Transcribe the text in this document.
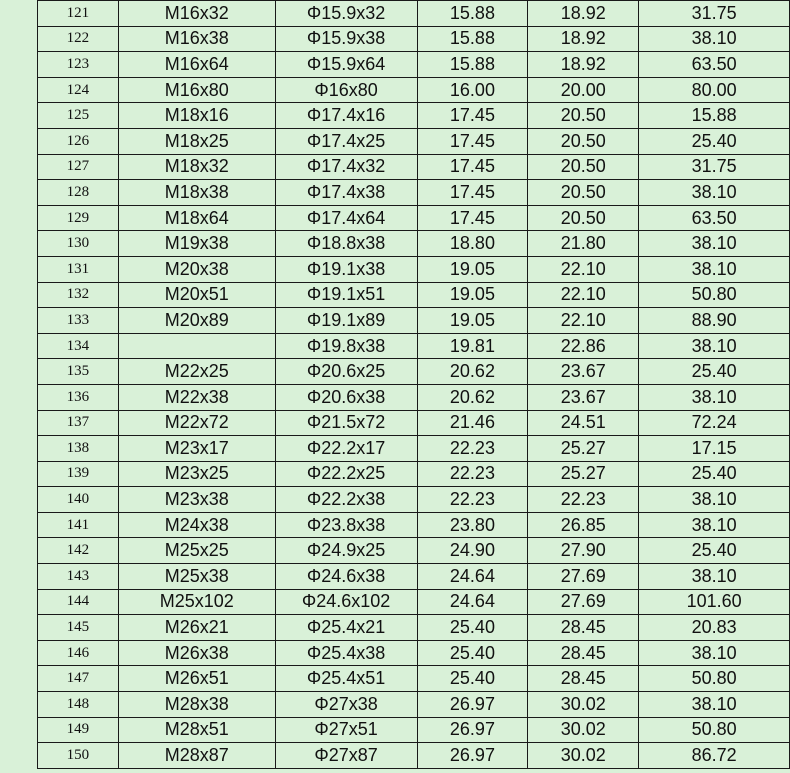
121	M16x32	Φ15.9x32	15.88	18.92	31.75
122	M16x38	Φ15.9x38	15.88	18.92	38.10
123	M16x64	Φ15.9x64	15.88	18.92	63.50
124	M16x80	Φ16x80	16.00	20.00	80.00
125	M18x16	Φ17.4x16	17.45	20.50	15.88
126	M18x25	Φ17.4x25	17.45	20.50	25.40
127	M18x32	Φ17.4x32	17.45	20.50	31.75
128	M18x38	Φ17.4x38	17.45	20.50	38.10
129	M18x64	Φ17.4x64	17.45	20.50	63.50
130	M19x38	Φ18.8x38	18.80	21.80	38.10
131	M20x38	Φ19.1x38	19.05	22.10	38.10
132	M20x51	Φ19.1x51	19.05	22.10	50.80
133	M20x89	Φ19.1x89	19.05	22.10	88.90
134		Φ19.8x38	19.81	22.86	38.10
135	M22x25	Φ20.6x25	20.62	23.67	25.40
136	M22x38	Φ20.6x38	20.62	23.67	38.10
137	M22x72	Φ21.5x72	21.46	24.51	72.24
138	M23x17	Φ22.2x17	22.23	25.27	17.15
139	M23x25	Φ22.2x25	22.23	25.27	25.40
140	M23x38	Φ22.2x38	22.23	22.23	38.10
141	M24x38	Φ23.8x38	23.80	26.85	38.10
142	M25x25	Φ24.9x25	24.90	27.90	25.40
143	M25x38	Φ24.6x38	24.64	27.69	38.10
144	M25x102	Φ24.6x102	24.64	27.69	101.60
145	M26x21	Φ25.4x21	25.40	28.45	20.83
146	M26x38	Φ25.4x38	25.40	28.45	38.10
147	M26x51	Φ25.4x51	25.40	28.45	50.80
148	M28x38	Φ27x38	26.97	30.02	38.10
149	M28x51	Φ27x51	26.97	30.02	50.80
150	M28x87	Φ27x87	26.97	30.02	86.72
